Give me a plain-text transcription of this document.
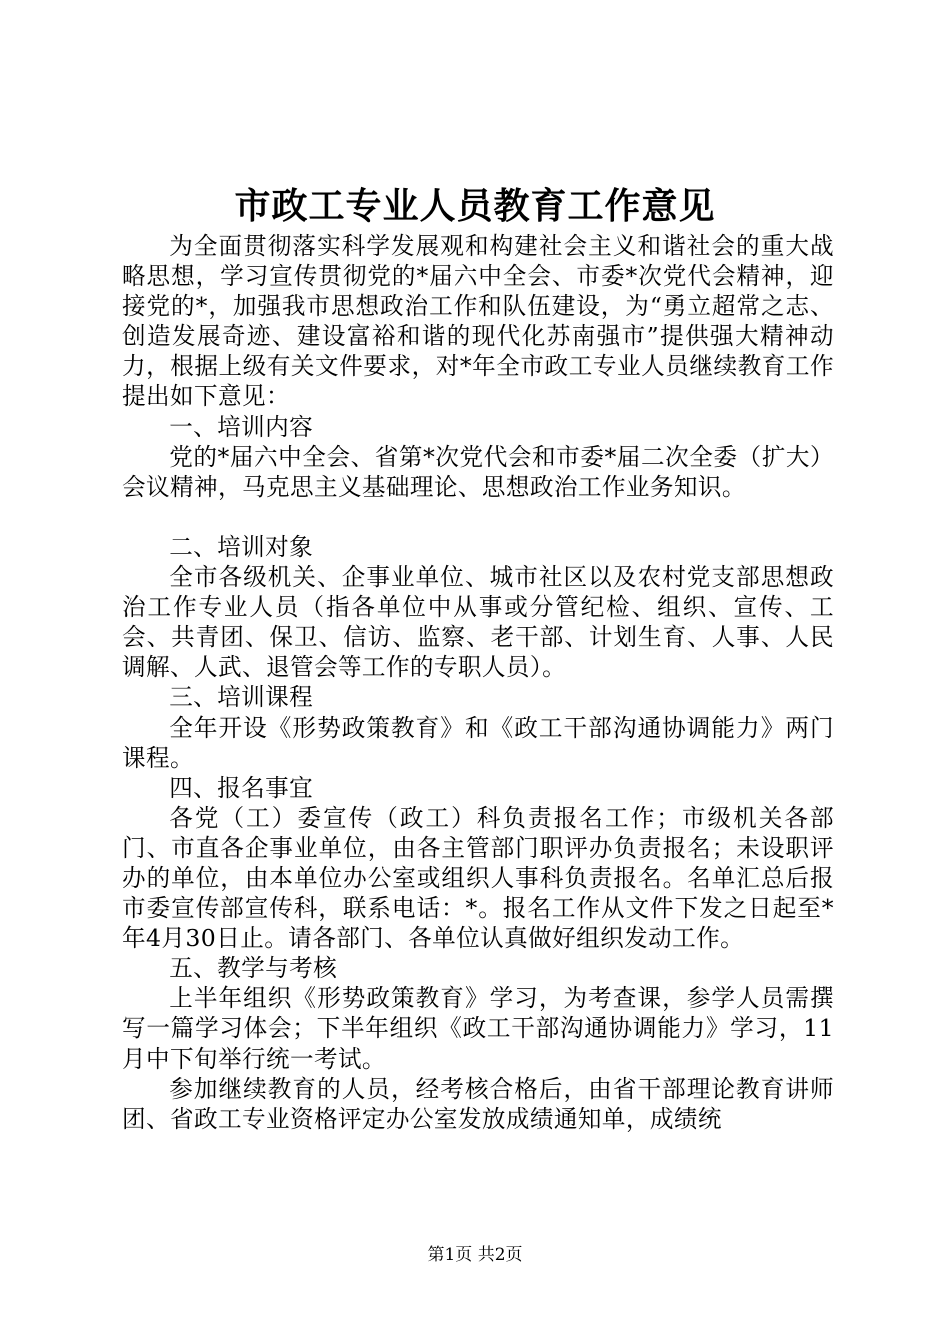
市政工专业人员教育工作意见

为全面贯彻落实科学发展观和构建社会主义和谐社会的重大战略思想，学习宣传贯彻党的*届六中全会、市委*次党代会精神，迎接党的*，加强我市思想政治工作和队伍建设，为“勇立超常之志、创造发展奇迹、建设富裕和谐的现代化苏南强市”提供强大精神动力，根据上级有关文件要求，对*年全市政工专业人员继续教育工作提出如下意见：

一、培训内容

党的*届六中全会、省第*次党代会和市委*届二次全委（扩大）会议精神，马克思主义基础理论、思想政治工作业务知识。

二、培训对象

全市各级机关、企事业单位、城市社区以及农村党支部思想政治工作专业人员（指各单位中从事或分管纪检、组织、宣传、工会、共青团、保卫、信访、监察、老干部、计划生育、人事、人民调解、人武、退管会等工作的专职人员）。

三、培训课程

全年开设《形势政策教育》和《政工干部沟通协调能力》两门课程。

四、报名事宜

各党（工）委宣传（政工）科负责报名工作；市级机关各部门、市直各企事业单位，由各主管部门职评办负责报名；未设职评办的单位，由本单位办公室或组织人事科负责报名。名单汇总后报市委宣传部宣传科，联系电话：*。报名工作从文件下发之日起至*年4月30日止。请各部门、各单位认真做好组织发动工作。

五、教学与考核

上半年组织《形势政策教育》学习，为考查课，参学人员需撰写一篇学习体会；下半年组织《政工干部沟通协调能力》学习，11月中下旬举行统一考试。

参加继续教育的人员，经考核合格后，由省干部理论教育讲师团、省政工专业资格评定办公室发放成绩通知单，成绩统

第1页 共2页
